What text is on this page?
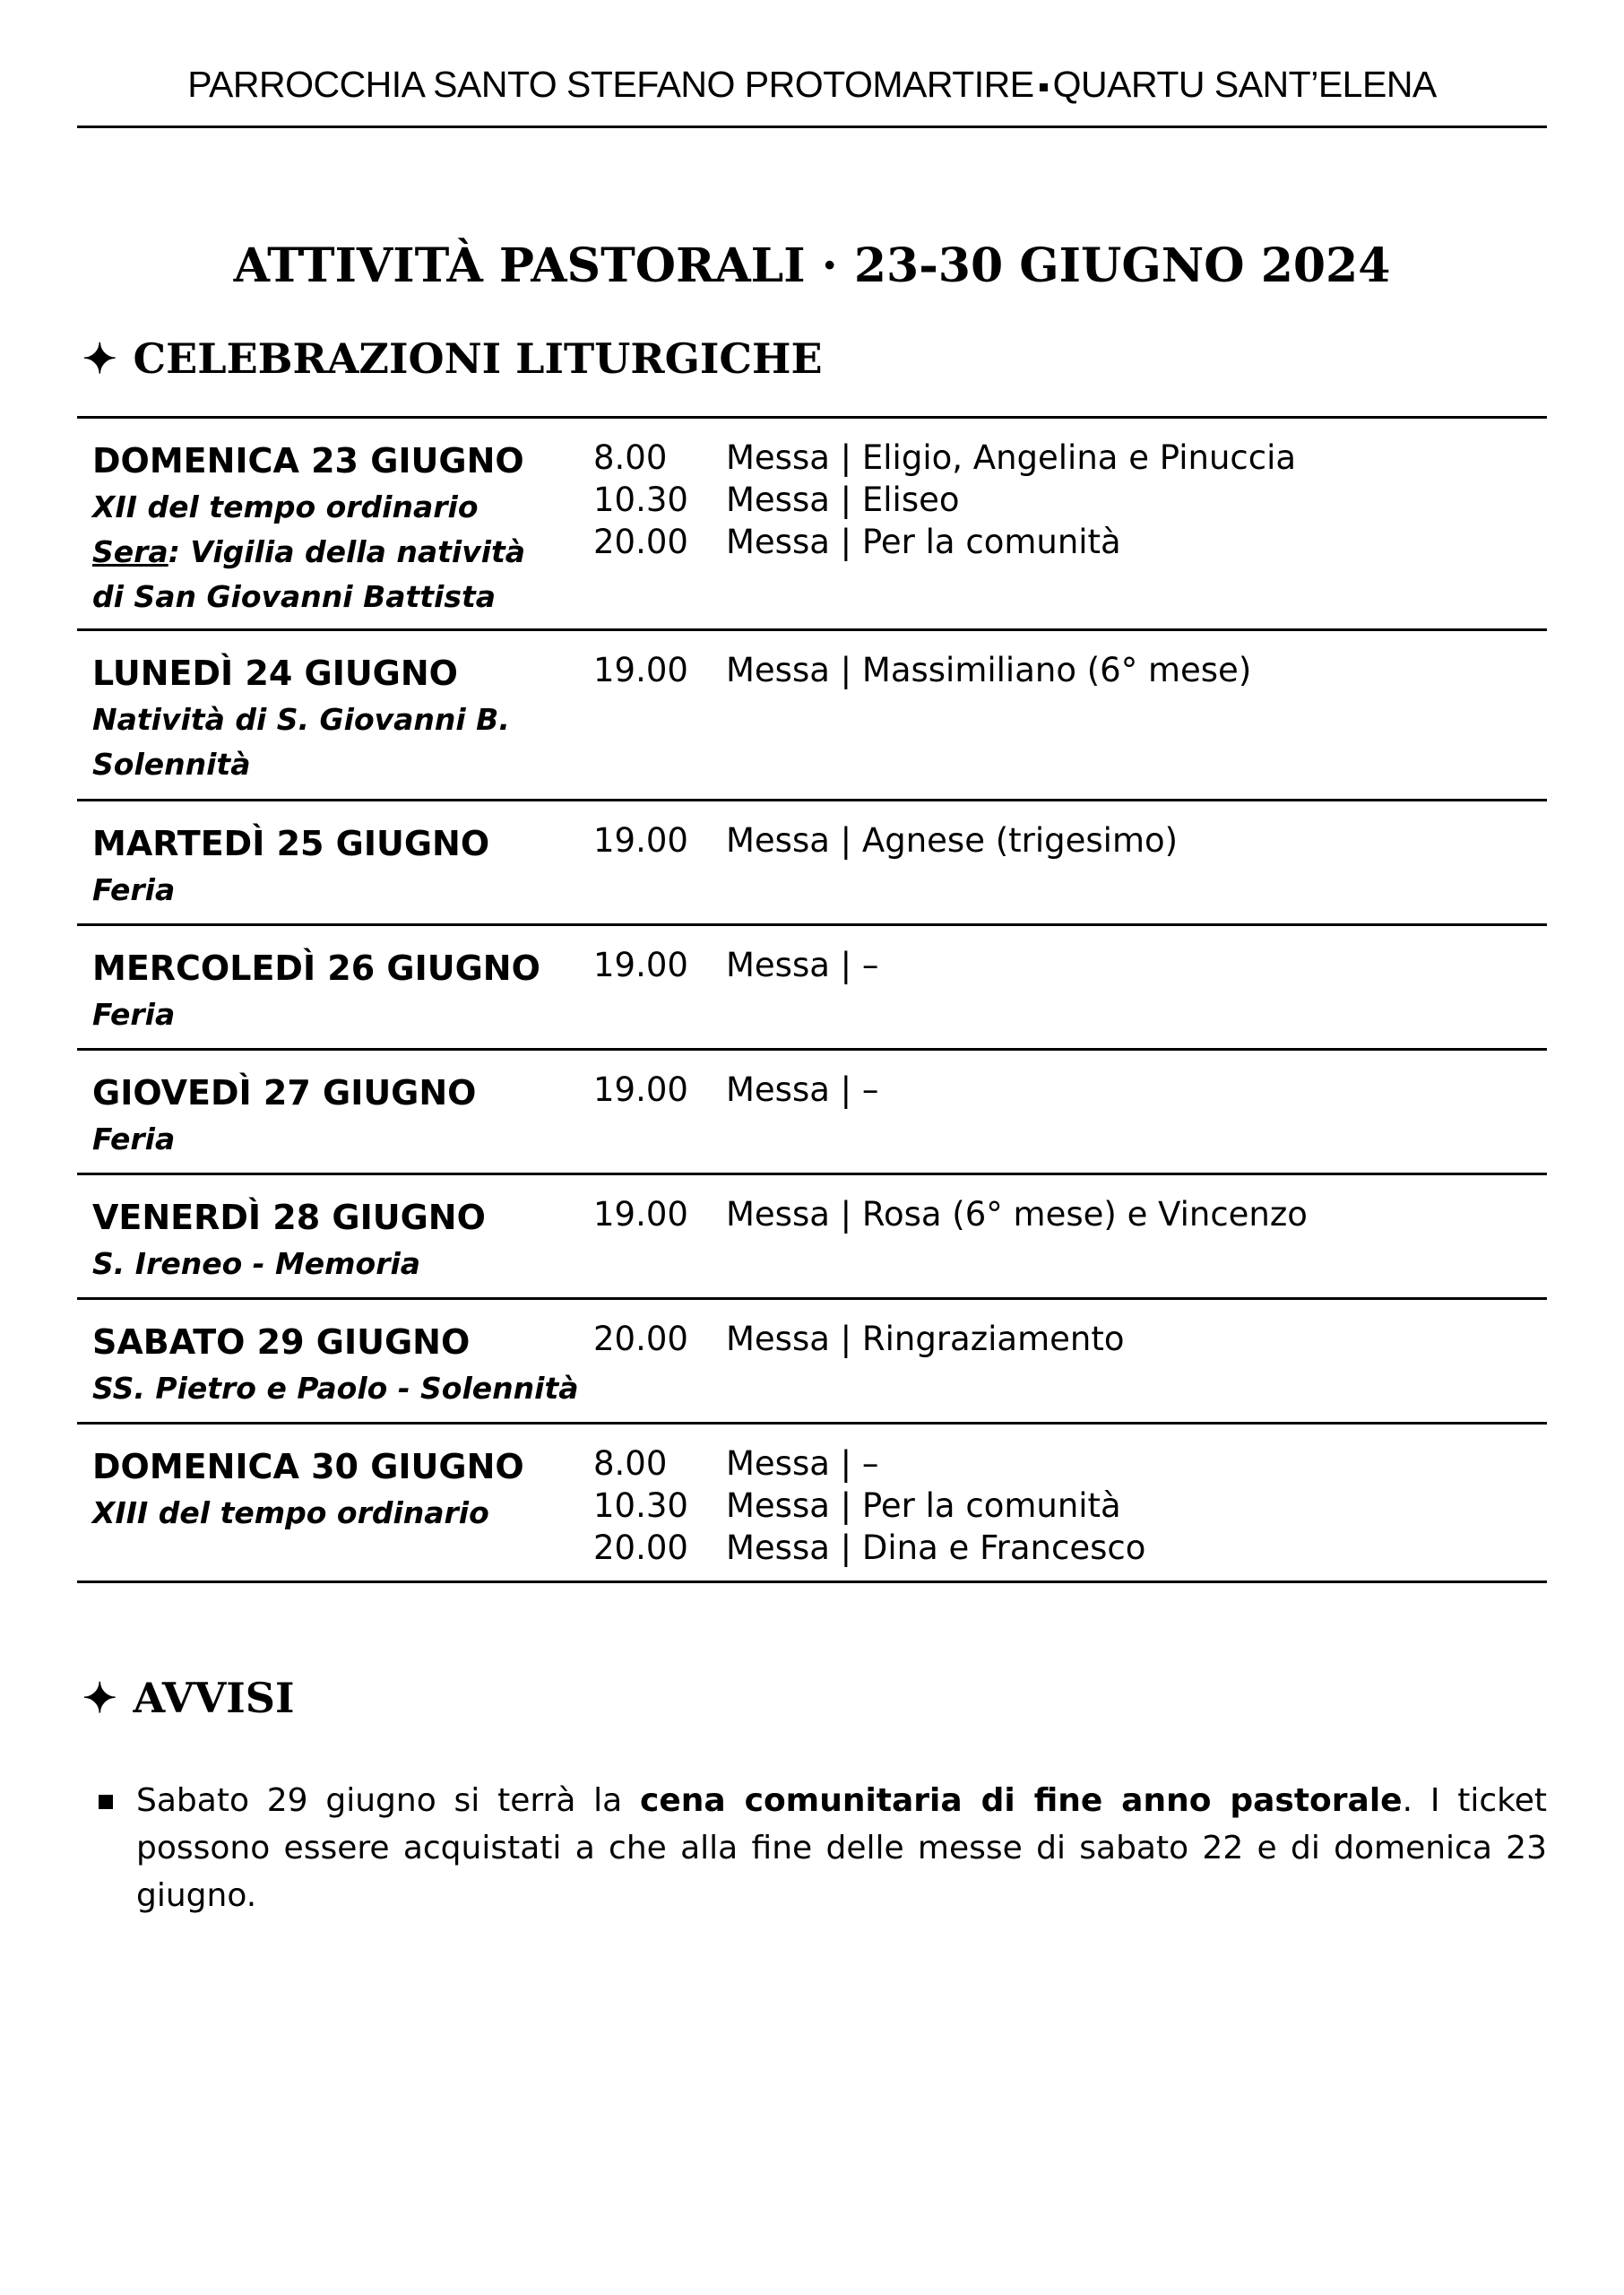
PARROCCHIA SANTO STEFANO PROTOMARTIRE QUARTU SANT’ELENA
ATTIVITÀ PASTORALI · 23-30 GIUGNO 2024
✦ CELEBRAZIONI LITURGICHE
DOMENICA 23 GIUGNO
XII del tempo ordinario
Sera: Vigilia della natività
di San Giovanni Battista
8.00	Messa | Eligio, Angelina e Pinuccia
10.30	Messa | Eliseo
20.00	Messa | Per la comunità
LUNEDÌ 24 GIUGNO
Natività di S. Giovanni B.
Solennità
19.00	Messa | Massimiliano (6° mese)
MARTEDÌ 25 GIUGNO
Feria
19.00	Messa | Agnese (trigesimo)
MERCOLEDÌ 26 GIUGNO
Feria
19.00	Messa | –
GIOVEDÌ 27 GIUGNO
Feria
19.00	Messa | –
VENERDÌ 28 GIUGNO
S. Ireneo - Memoria
19.00	Messa | Rosa (6° mese) e Vincenzo
SABATO 29 GIUGNO
SS. Pietro e Paolo - Solennità
20.00	Messa | Ringraziamento
DOMENICA 30 GIUGNO
XIII del tempo ordinario
8.00	Messa | –
10.30	Messa | Per la comunità
20.00	Messa | Dina e Francesco
✦ AVVISI
Sabato 29 giugno si terrà la cena comunitaria di fine anno pastorale. I ticket possono essere acquistati a che alla fine delle messe di sabato 22 e di domenica 23 giugno.
